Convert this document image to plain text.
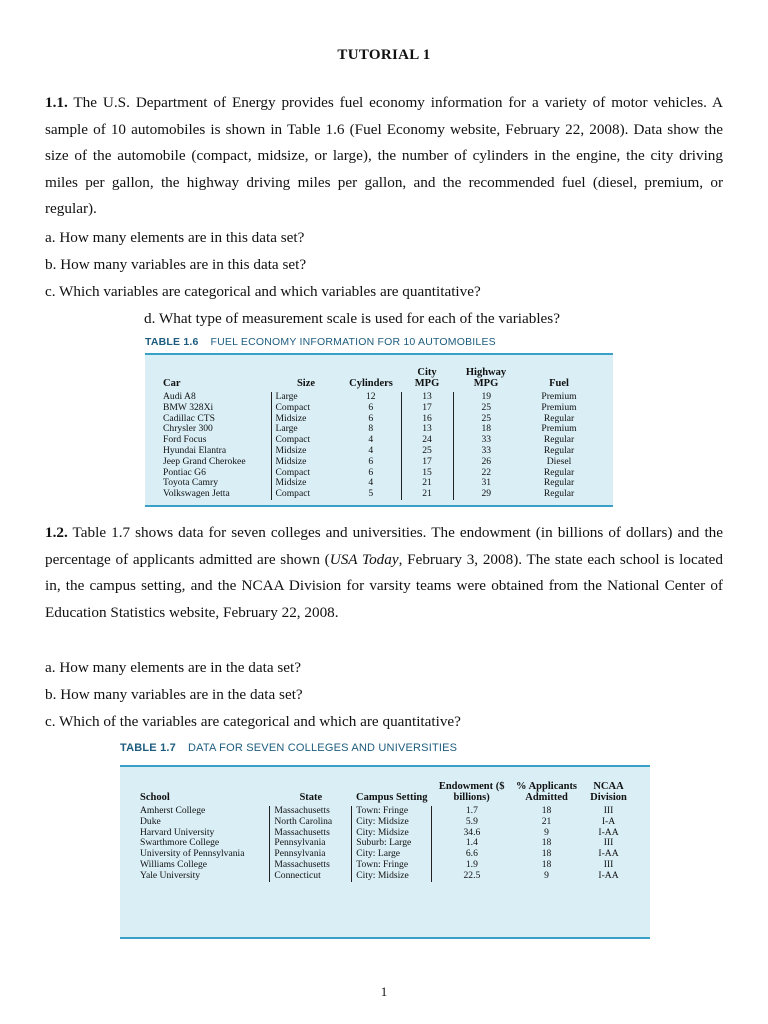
TUTORIAL 1
1.1. The U.S. Department of Energy provides fuel economy information for a variety of motor vehicles. A sample of 10 automobiles is shown in Table 1.6 (Fuel Economy website, February 22, 2008). Data show the size of the automobile (compact, midsize, or large), the number of cylinders in the engine, the city driving miles per gallon, the highway driving miles per gallon, and the recommended fuel (diesel, premium, or regular).
a. How many elements are in this data set?
b. How many variables are in this data set?
c. Which variables are categorical and which variables are quantitative?
d. What type of measurement scale is used for each of the variables?
TABLE 1.6 FUEL ECONOMY INFORMATION FOR 10 AUTOMOBILES
Car	Size	Cylinders	City MPG	Highway MPG	Fuel
Audi A8	Large	12	13	19	Premium
BMW 328Xi	Compact	6	17	25	Premium
Cadillac CTS	Midsize	6	16	25	Regular
Chrysler 300	Large	8	13	18	Premium
Ford Focus	Compact	4	24	33	Regular
Hyundai Elantra	Midsize	4	25	33	Regular
Jeep Grand Cherokee	Midsize	6	17	26	Diesel
Pontiac G6	Compact	6	15	22	Regular
Toyota Camry	Midsize	4	21	31	Regular
Volkswagen Jetta	Compact	5	21	29	Regular
1.2. Table 1.7 shows data for seven colleges and universities. The endowment (in billions of dollars) and the percentage of applicants admitted are shown (USA Today, February 3, 2008). The state each school is located in, the campus setting, and the NCAA Division for varsity teams were obtained from the National Center of Education Statistics website, February 22, 2008.
a. How many elements are in the data set?
b. How many variables are in the data set?
c. Which of the variables are categorical and which are quantitative?
TABLE 1.7 DATA FOR SEVEN COLLEGES AND UNIVERSITIES
School	State	Campus Setting	Endowment ($ billions)	% Applicants Admitted	NCAA Division
Amherst College	Massachusetts	Town: Fringe	1.7	18	III
Duke	North Carolina	City: Midsize	5.9	21	I-A
Harvard University	Massachusetts	City: Midsize	34.6	9	I-AA
Swarthmore College	Pennsylvania	Suburb: Large	1.4	18	III
University of Pennsylvania	Pennsylvania	City: Large	6.6	18	I-AA
Williams College	Massachusetts	Town: Fringe	1.9	18	III
Yale University	Connecticut	City: Midsize	22.5	9	I-AA
1
